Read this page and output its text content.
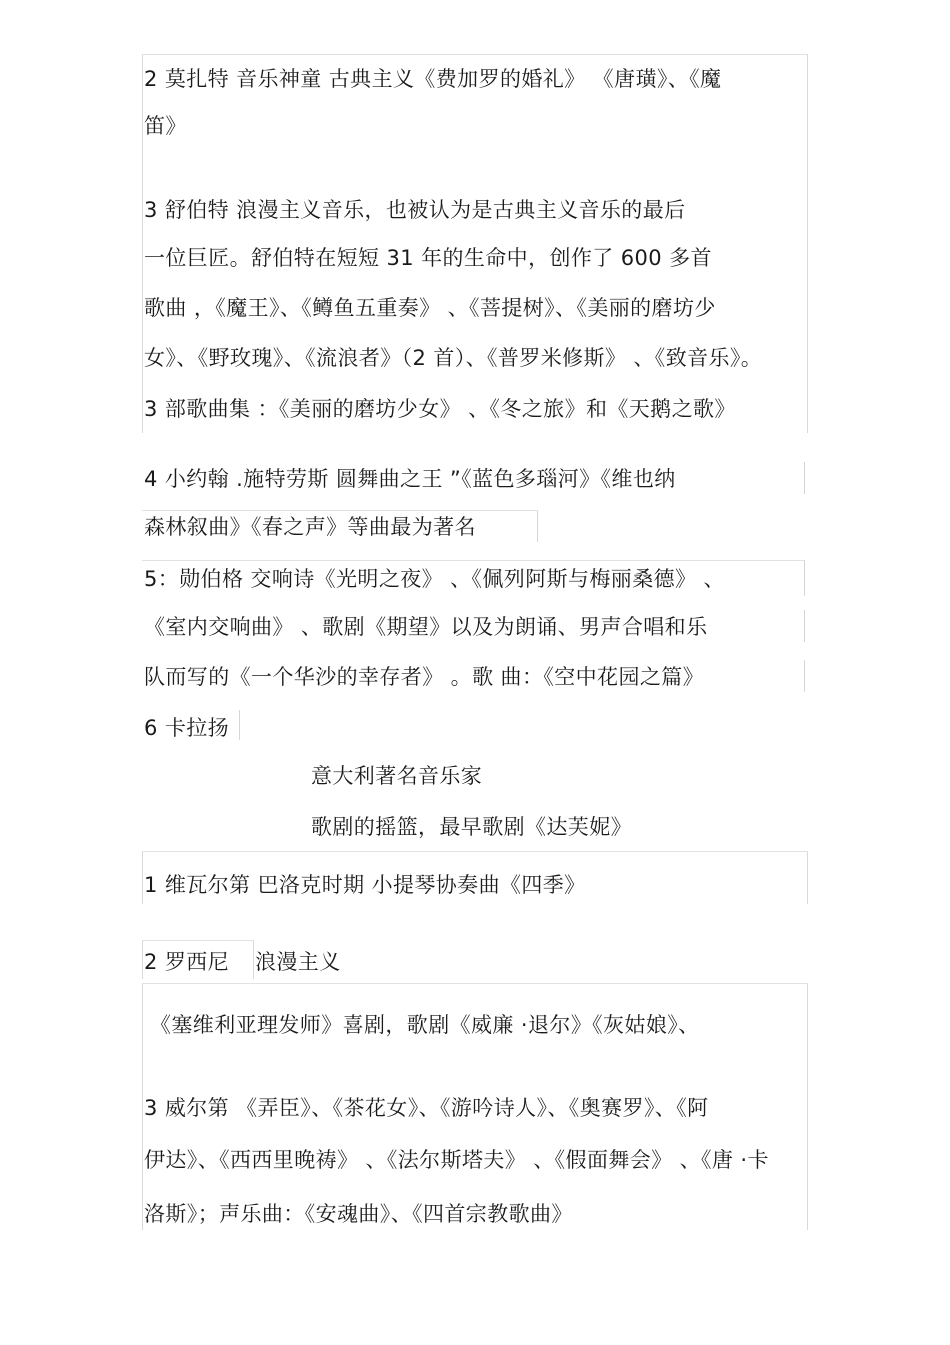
2 莫扎特 音乐神童 古典主义《费加罗的婚礼》 《唐璜》、《魔
笛》
3 舒伯特 浪漫主义音乐，也被认为是古典主义音乐的最后
一位巨匠。舒伯特在短短 31 年的生命中，创作了 600 多首
歌曲 ，《魔王》、《鳟鱼五重奏》 、《菩提树》、《美丽的磨坊少
女》、《野玫瑰》、《流浪者》（2 首）、《普罗米修斯》 、《致音乐》。
3 部歌曲集 ：《美丽的磨坊少女》 、《冬之旅》和《天鹅之歌》
4 小约翰 .施特劳斯 圆舞曲之王 ”《蓝色多瑙河》《维也纳
森林叙曲》《春之声》等曲最为著名
5：勋伯格 交响诗《光明之夜》 、《佩列阿斯与梅丽桑德》 、
《室内交响曲》 、歌剧《期望》以及为朗诵、男声合唱和乐
队而写的《一个华沙的幸存者》 。歌 曲：《空中花园之篇》
6 卡拉扬
意大利著名音乐家
歌剧的摇篮，最早歌剧《达芙妮》
1 维瓦尔第 巴洛克时期 小提琴协奏曲《四季》
2 罗西尼 浪漫主义
《塞维利亚理发师》喜剧，歌剧《威廉 ·退尔》《灰姑娘》、
3 威尔第 《弄臣》、《茶花女》、《游吟诗人》、《奥赛罗》、《阿
伊达》、《西西里晚祷》 、《法尔斯塔夫》 、《假面舞会》 、《唐 ·卡
洛斯》；声乐曲：《安魂曲》、《四首宗教歌曲》
